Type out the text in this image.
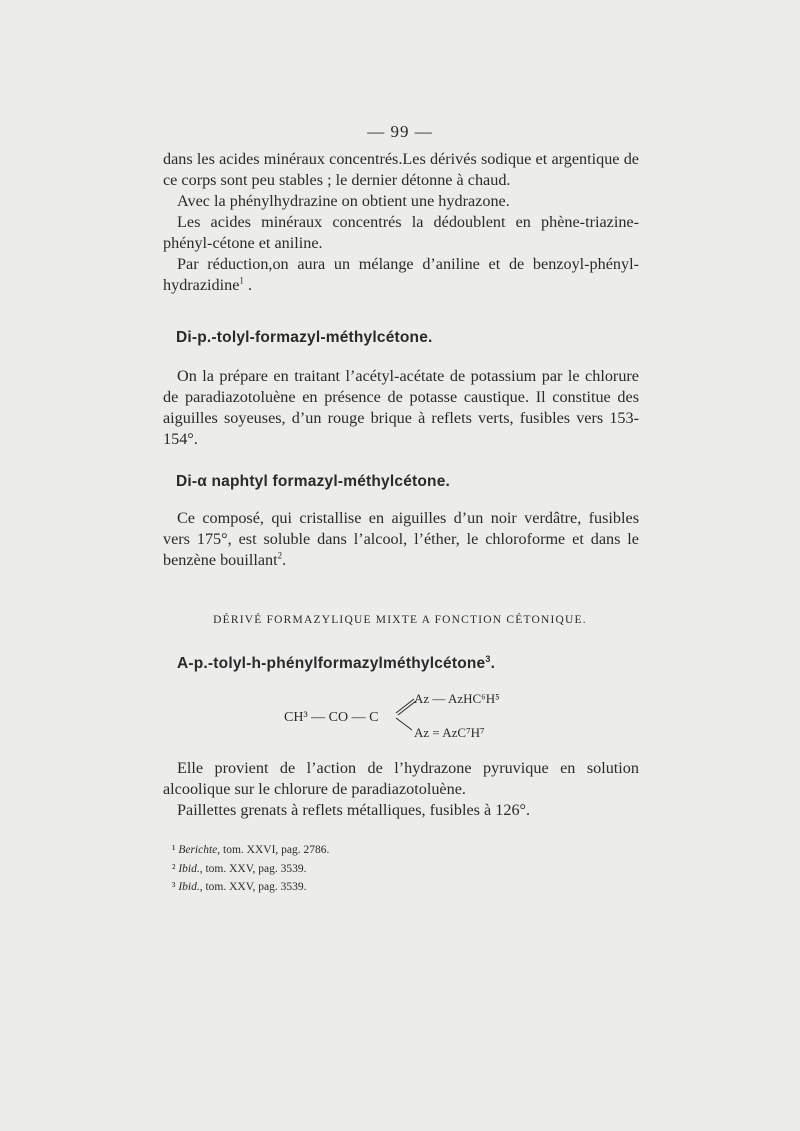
— 99 —

dans les acides minéraux concentrés.Les dérivés sodique et argentique de ce corps sont peu stables ; le dernier détonne à chaud.

Avec la phénylhydrazine on obtient une hydrazone.

Les acides minéraux concentrés la dédoublent en phène-triazine-phényl-cétone et aniline.

Par réduction,on aura un mélange d’aniline et de benzoyl-phényl-hydrazidine$^1$ .

Di-p.-tolyl-formazyl-méthylcétone.

On la prépare en traitant l’acétyl-acétate de potassium par le chlorure de paradiazotoluène en présence de potasse caustique. Il constitue des aiguilles soyeuses, d’un rouge brique à reflets verts, fusibles vers 153-154°.

Di-α naphtyl formazyl-méthylcétone.

Ce composé, qui cristallise en aiguilles d’un noir verdâtre, fusibles vers 175°, est soluble dans l’alcool, l’éther, le chloroforme et dans le benzène bouillant$^2$.

DÉRIVÉ FORMAZYLIQUE MIXTE A FONCTION CÉTONIQUE.
A-p.-tolyl-h-phénylformazylméthylcétone$^3$.
CH³ — CO — C
Az — AzHC⁶H⁵
Az = AzC⁷H⁷

Elle provient de l’action de l’hydrazone pyruvique en solution alcoolique sur le chlorure de paradiazotoluène.

Paillettes grenats à reflets métalliques, fusibles à 126°.

¹ Berichte, tom. XXVI, pag. 2786.
² Ibid., tom. XXV, pag. 3539.
³ Ibid., tom. XXV, pag. 3539.
